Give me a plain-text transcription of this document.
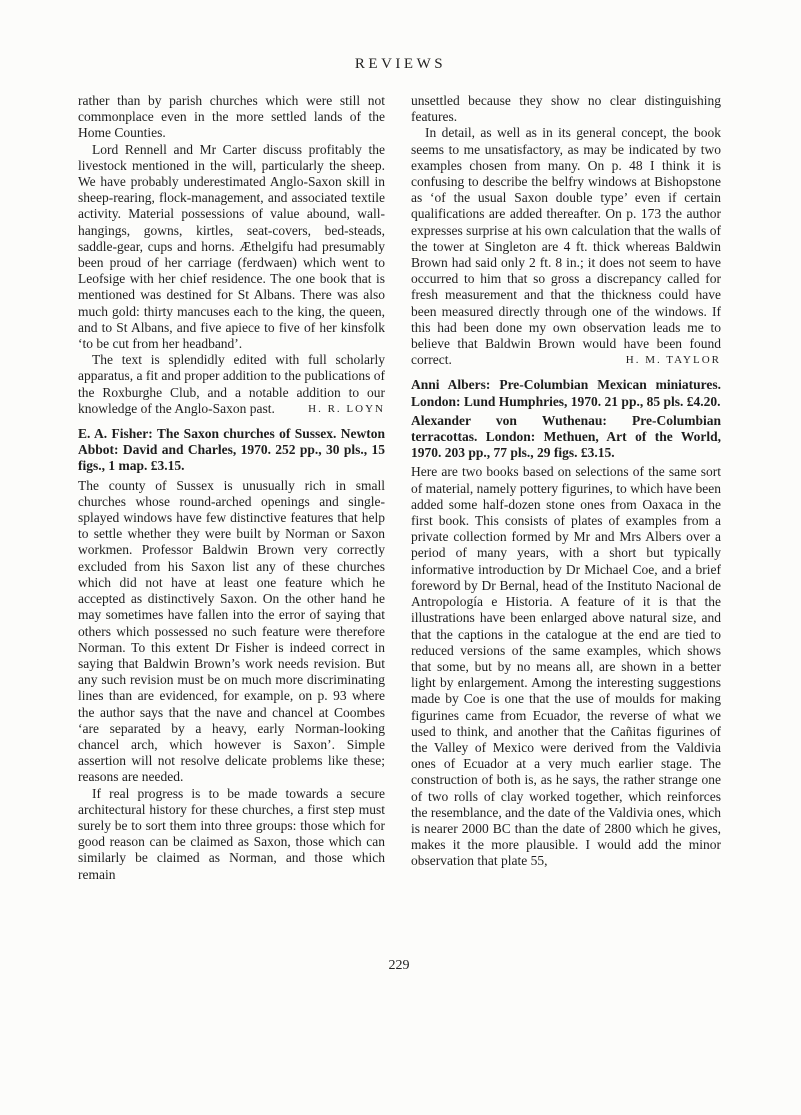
REVIEWS

rather than by parish churches which were still not commonplace even in the more settled lands of the Home Counties.

Lord Rennell and Mr Carter discuss profitably the livestock mentioned in the will, particularly the sheep. We have probably underestimated Anglo-Saxon skill in sheep-rearing, flock-management, and associated textile activity. Material possessions of value abound, wall-hangings, gowns, kirtles, seat-covers, bed-steads, saddle-gear, cups and horns. Æthelgifu had presumably been proud of her carriage (ferdwaen) which went to Leofsige with her chief residence. The one book that is mentioned was destined for St Albans. There was also much gold: thirty mancuses each to the king, the queen, and to St Albans, and five apiece to five of her kinsfolk ‘to be cut from her headband’.

The text is splendidly edited with full scholarly apparatus, a fit and proper addition to the publications of the Roxburghe Club, and a notable addition to our knowledge of the Anglo-Saxon past.	H. R. LOYN

E. A. Fisher: The Saxon churches of Sussex. Newton Abbot: David and Charles, 1970. 252 pp., 30 pls., 15 figs., 1 map. £3.15.

The county of Sussex is unusually rich in small churches whose round-arched openings and single-splayed windows have few distinctive features that help to settle whether they were built by Norman or Saxon workmen. Professor Baldwin Brown very correctly excluded from his Saxon list any of these churches which did not have at least one feature which he accepted as distinctively Saxon. On the other hand he may sometimes have fallen into the error of saying that others which possessed no such feature were therefore Norman. To this extent Dr Fisher is indeed correct in saying that Baldwin Brown’s work needs revision. But any such revision must be on much more discriminating lines than are evidenced, for example, on p. 93 where the author says that the nave and chancel at Coombes ‘are separated by a heavy, early Norman-looking chancel arch, which however is Saxon’. Simple assertion will not resolve delicate problems like these; reasons are needed.

If real progress is to be made towards a secure architectural history for these churches, a first step must surely be to sort them into three groups: those which for good reason can be claimed as Saxon, those which can similarly be claimed as Norman, and those which remain

unsettled because they show no clear distinguishing features.

In detail, as well as in its general concept, the book seems to me unsatisfactory, as may be indicated by two examples chosen from many. On p. 48 I think it is confusing to describe the belfry windows at Bishopstone as ‘of the usual Saxon double type’ even if certain qualifications are added thereafter. On p. 173 the author expresses surprise at his own calculation that the walls of the tower at Singleton are 4 ft. thick whereas Baldwin Brown had said only 2 ft. 8 in.; it does not seem to have occurred to him that so gross a discrepancy called for fresh measurement and that the thickness could have been measured directly through one of the windows. If this had been done my own observation leads me to believe that Baldwin Brown would have been found correct.	H. M. TAYLOR

Anni Albers: Pre-Columbian Mexican miniatures. London: Lund Humphries, 1970. 21 pp., 85 pls. £4.20.

Alexander von Wuthenau: Pre-Columbian terracottas. London: Methuen, Art of the World, 1970. 203 pp., 77 pls., 29 figs. £3.15.

Here are two books based on selections of the same sort of material, namely pottery figurines, to which have been added some half-dozen stone ones from Oaxaca in the first book. This consists of plates of examples from a private collection formed by Mr and Mrs Albers over a period of many years, with a short but typically informative introduction by Dr Michael Coe, and a brief foreword by Dr Bernal, head of the Instituto Nacional de Antropología e Historia. A feature of it is that the illustrations have been enlarged above natural size, and that the captions in the catalogue at the end are tied to reduced versions of the same examples, which shows that some, but by no means all, are shown in a better light by enlargement. Among the interesting suggestions made by Coe is one that the use of moulds for making figurines came from Ecuador, the reverse of what we used to think, and another that the Cañitas figurines of the Valley of Mexico were derived from the Valdivia ones of Ecuador at a very much earlier stage. The construction of both is, as he says, the rather strange one of two rolls of clay worked together, which reinforces the resemblance, and the date of the Valdivia ones, which is nearer 2000 BC than the date of 2800 which he gives, makes it the more plausible. I would add the minor observation that plate 55,

229
